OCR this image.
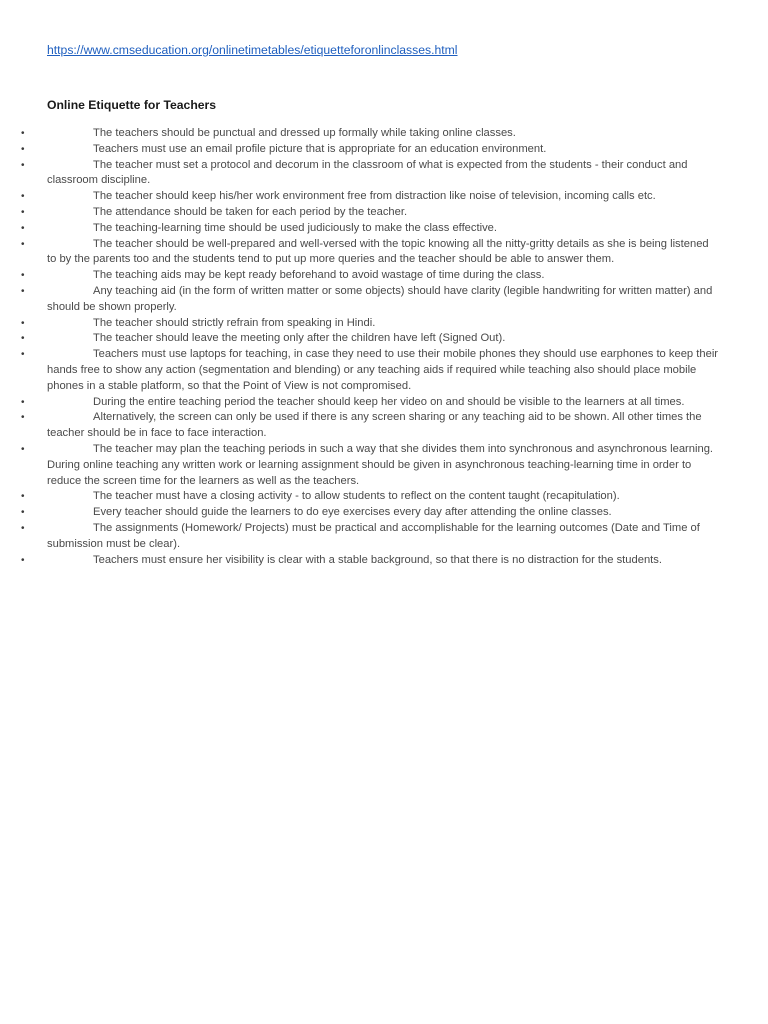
https://www.cmseducation.org/onlinetimetables/etiquetteforonlinclasses.html
Online Etiquette for Teachers
•	The teachers should be punctual and dressed up formally while taking online classes.
•	Teachers must use an email profile picture that is appropriate for an education environment.
•	The teacher must set a protocol and decorum in the classroom of what is expected from the students - their conduct and classroom discipline.
•	The teacher should keep his/her work environment free from distraction like noise of television, incoming calls etc.
•	The attendance should be taken for each period by the teacher.
•	The teaching-learning time should be used judiciously to make the class effective.
•	The teacher should be well-prepared and well-versed with the topic knowing all the nitty-gritty details as she is being listened to by the parents too and the students tend to put up more queries and the teacher should be able to answer them.
•	The teaching aids may be kept ready beforehand to avoid wastage of time during the class.
•	Any teaching aid (in the form of written matter or some objects) should have clarity (legible handwriting for written matter) and should be shown properly.
•	The teacher should strictly refrain from speaking in Hindi.
•	The teacher should leave the meeting only after the children have left (Signed Out).
•	Teachers must use laptops for teaching, in case they need to use their mobile phones they should use earphones to keep their hands free to show any action (segmentation and blending) or any teaching aids if required while teaching also should place mobile phones in a stable platform, so that the Point of View is not compromised.
•	During the entire teaching period the teacher should keep her video on and should be visible to the learners at all times.
•	Alternatively, the screen can only be used if there is any screen sharing or any teaching aid to be shown. All other times the teacher should be in face to face interaction.
•	The teacher may plan the teaching periods in such a way that she divides them into synchronous and asynchronous learning. During online teaching any written work or learning assignment should be given in asynchronous teaching-learning time in order to reduce the screen time for the learners as well as the teachers.
•	The teacher must have a closing activity - to allow students to reflect on the content taught (recapitulation).
•	Every teacher should guide the learners to do eye exercises every day after attending the online classes.
•	The assignments (Homework/ Projects) must be practical and accomplishable for the learning outcomes (Date and Time of submission must be clear).
•	Teachers must ensure her visibility is clear with a stable background, so that there is no distraction for the students.
